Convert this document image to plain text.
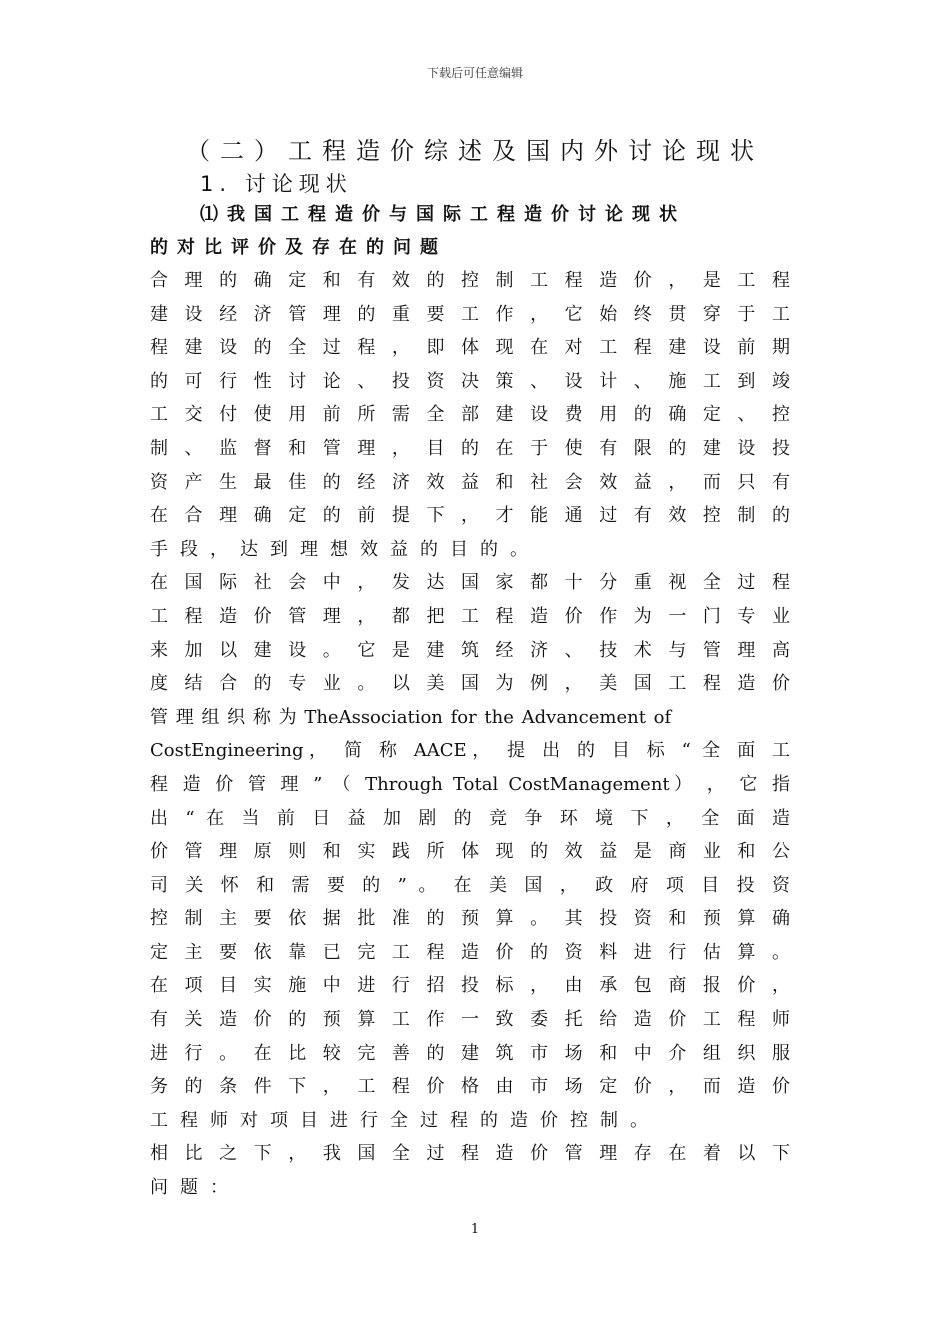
下载后可任意编辑
（二）工程造价综述及国内外讨论现状
1. 讨论现状
⑴我国工程造价与国际工程造价讨论现状
的对比评价及存在的问题
合 理 的 确 定 和 有 效 的 控 制 工 程 造 价 ， 是 工 程
建 设 经 济 管 理 的 重 要 工 作 ， 它 始 终 贯 穿 于 工
程 建 设 的 全 过 程 ， 即 体 现 在 对 工 程 建 设 前 期
的 可 行 性 讨 论 、 投 资 决 策 、 设 计 、 施 工 到 竣
工 交 付 使 用 前 所 需 全 部 建 设 费 用 的 确 定 、 控
制 、 监 督 和 管 理 ， 目 的 在 于 使 有 限 的 建 设 投
资 产 生 最 佳 的 经 济 效 益 和 社 会 效 益 ， 而 只 有
在 合 理 确 定 的 前 提 下 ， 才 能 通 过 有 效 控 制 的
手段，达到理想效益的目的。
在 国 际 社 会 中 ， 发 达 国 家 都 十 分 重 视 全 过 程
工 程 造 价 管 理 ， 都 把 工 程 造 价 作 为 一 门 专 业
来 加 以 建 设 。 它 是 建 筑 经 济 、 技 术 与 管 理 高
度 结 合 的 专 业 。 以 美 国 为 例 ， 美 国 工 程 造 价
管 理 组 织 称 为 TheAssociation for the Advancement of
CostEngineering， 简 称 AACE， 提 出 的 目 标 “ 全 面 工
程 造 价 管 理 ” （ Through Total CostManagement） ， 它 指
出 “ 在 当 前 日 益 加 剧 的 竞 争 环 境 下 ， 全 面 造
价 管 理 原 则 和 实 践 所 体 现 的 效 益 是 商 业 和 公
司 关 怀 和 需 要 的 ” 。 在 美 国 ， 政 府 项 目 投 资
控 制 主 要 依 据 批 准 的 预 算 。 其 投 资 和 预 算 确
定 主 要 依 靠 已 完 工 程 造 价 的 资 料 进 行 估 算 。
在 项 目 实 施 中 进 行 招 投 标 ， 由 承 包 商 报 价 ，
有 关 造 价 的 预 算 工 作 一 致 委 托 给 造 价 工 程 师
进 行 。 在 比 较 完 善 的 建 筑 市 场 和 中 介 组 织 服
务 的 条 件 下 ， 工 程 价 格 由 市 场 定 价 ， 而 造 价
工程师对项目进行全过程的造价控制。
相 比 之 下 ， 我 国 全 过 程 造 价 管 理 存 在 着 以 下
问题：
1
